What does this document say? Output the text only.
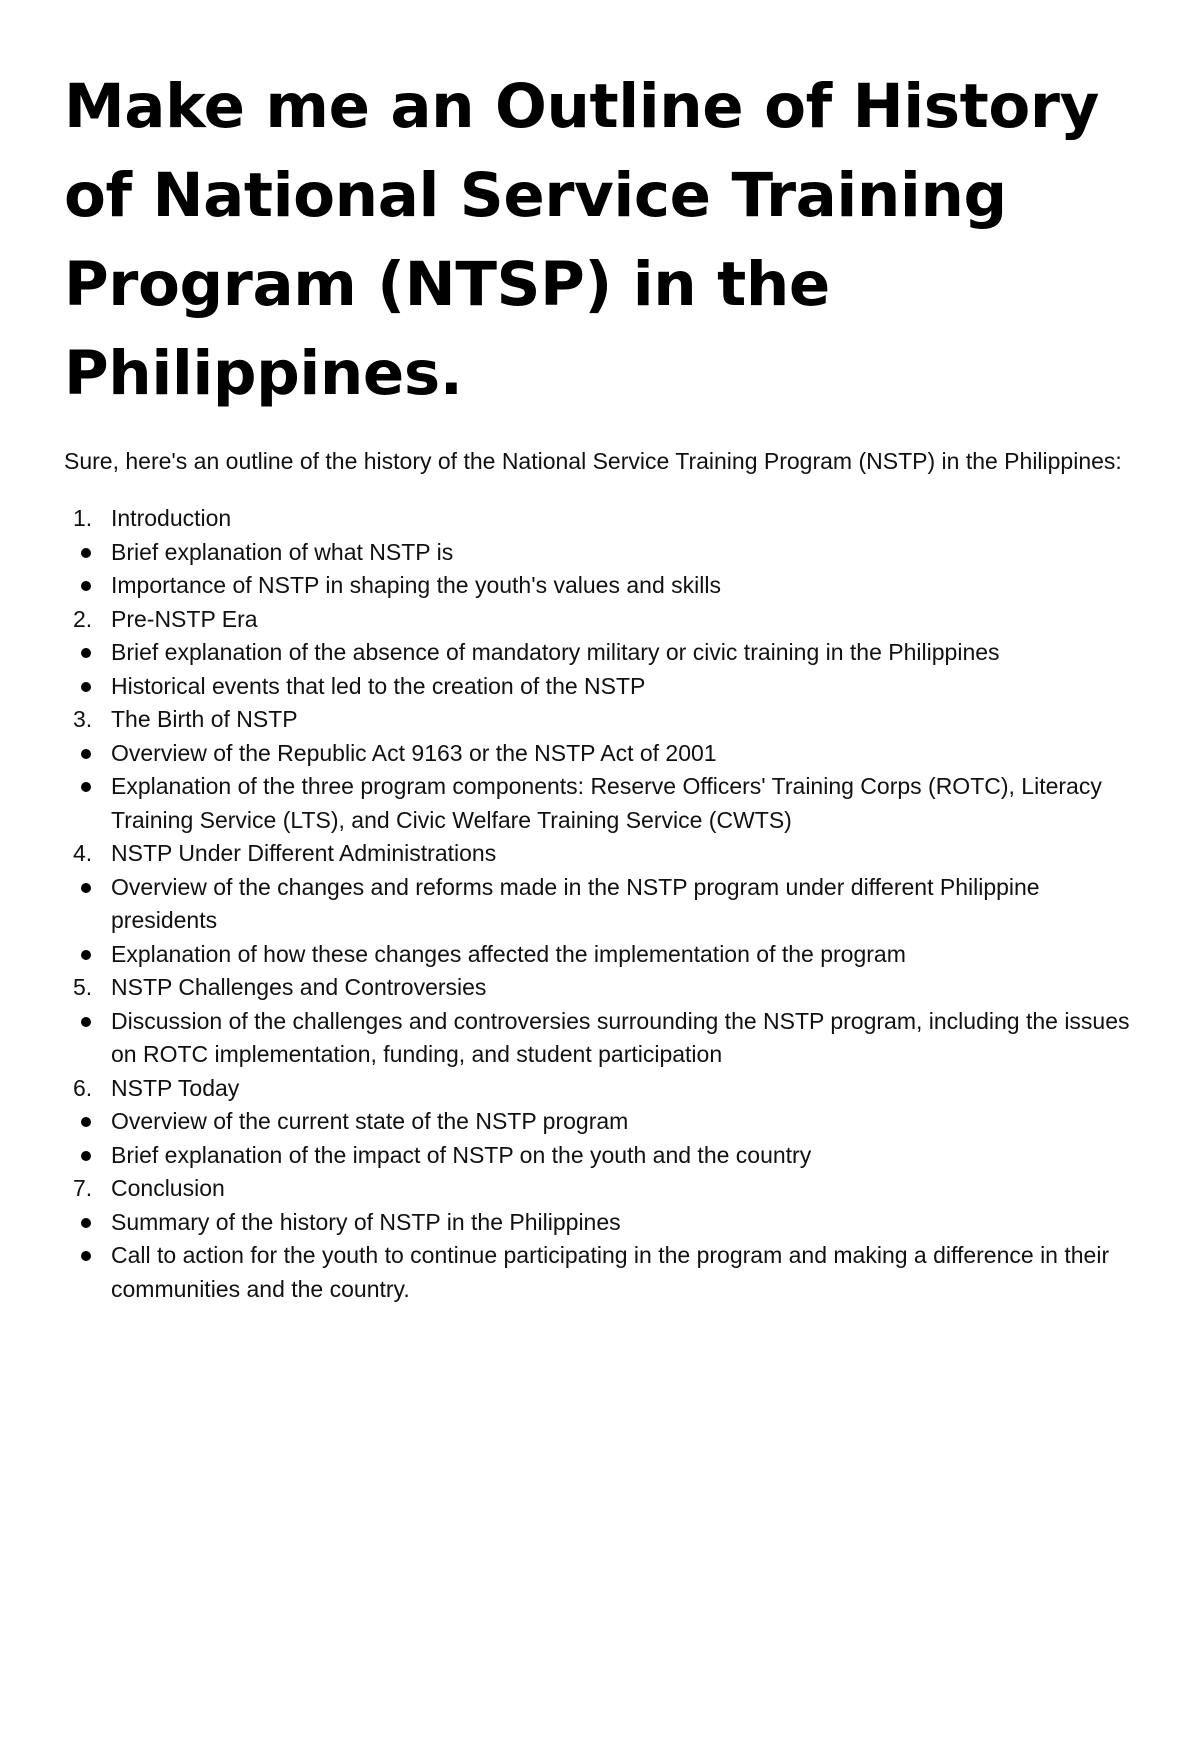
Make me an Outline of History of National Service Training Program (NTSP) in the Philippines.

Sure, here's an outline of the history of the National Service Training Program (NSTP) in the Philippines:

1. Introduction
Brief explanation of what NSTP is
Importance of NSTP in shaping the youth's values and skills
2. Pre-NSTP Era
Brief explanation of the absence of mandatory military or civic training in the Philippines
Historical events that led to the creation of the NSTP
3. The Birth of NSTP
Overview of the Republic Act 9163 or the NSTP Act of 2001
Explanation of the three program components: Reserve Officers' Training Corps (ROTC), Literacy Training Service (LTS), and Civic Welfare Training Service (CWTS)
4. NSTP Under Different Administrations
Overview of the changes and reforms made in the NSTP program under different Philippine presidents
Explanation of how these changes affected the implementation of the program
5. NSTP Challenges and Controversies
Discussion of the challenges and controversies surrounding the NSTP program, including the issues on ROTC implementation, funding, and student participation
6. NSTP Today
Overview of the current state of the NSTP program
Brief explanation of the impact of NSTP on the youth and the country
7. Conclusion
Summary of the history of NSTP in the Philippines
Call to action for the youth to continue participating in the program and making a difference in their communities and the country.
